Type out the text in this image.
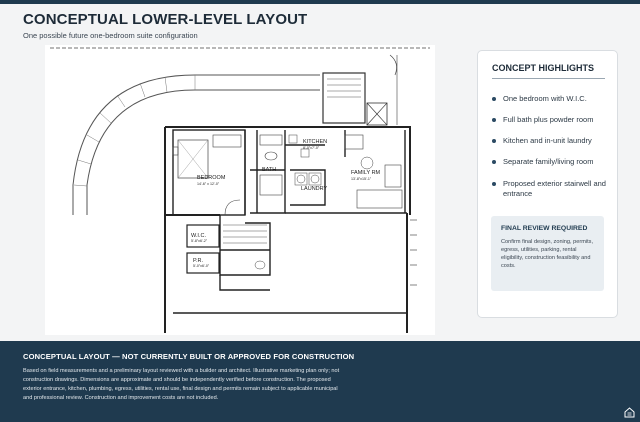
CONCEPTUAL LOWER-LEVEL LAYOUT
One possible future one-bedroom suite configuration
BEDROOM
14'-6" x 12'-0"
BATH
KITCHEN
8'-0"x7'-0"
LAUNDRY
FAMILY RM
13'-8"x15'-1"
W.I.C.
5'-8"x6'-2"
P.R.
5'-0"x6'-0"
CONCEPT HIGHLIGHTS
One bedroom with W.I.C.
Full bath plus powder room
Kitchen and in-unit laundry
Separate family/living room
Proposed exterior stairwell and entrance
FINAL REVIEW REQUIRED
Confirm final design, zoning, permits, egress, utilities, parking, rental eligibility, construction feasibility and costs.
CONCEPTUAL LAYOUT — NOT CURRENTLY BUILT OR APPROVED FOR CONSTRUCTION
Based on field measurements and a preliminary layout reviewed with a builder and architect. Illustrative marketing plan only; not construction drawings. Dimensions are approximate and should be independently verified before construction. The proposed exterior entrance, kitchen, plumbing, egress, utilities, rental use, final design and permits remain subject to applicable municipal and professional review. Construction and improvement costs are not included.
